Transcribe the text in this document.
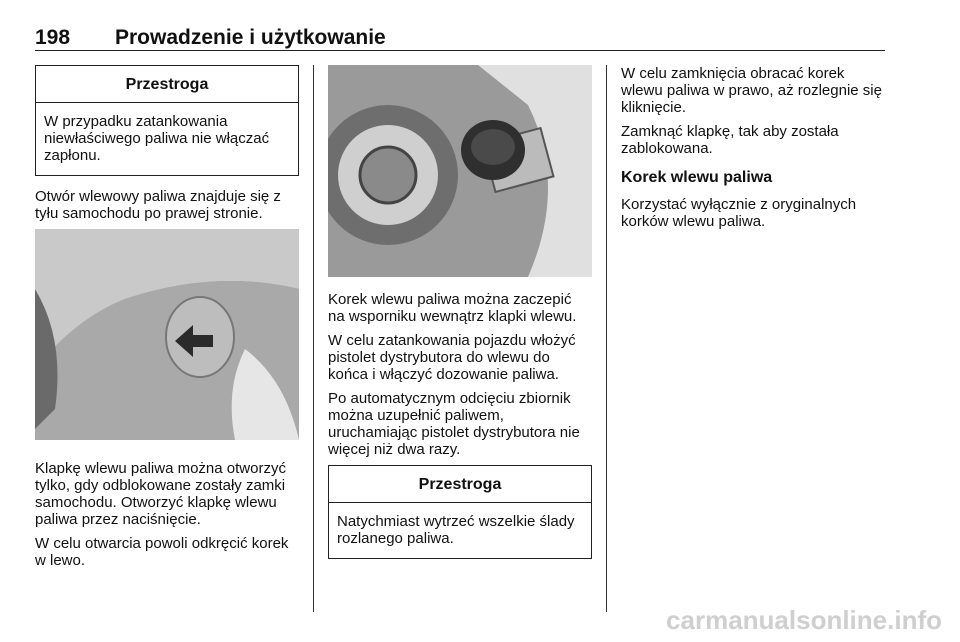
198 Prowadzenie i użytkowanie
Przestroga
W przypadku zatankowania niewłaściwego paliwa nie włączać zapłonu.

Otwór wlewowy paliwa znajduje się z tyłu samochodu po prawej stronie.

Klapkę wlewu paliwa można otworzyć tylko, gdy odblokowane zostały zamki samochodu. Otworzyć klapkę wlewu paliwa przez naciśnięcie.

W celu otwarcia powoli odkręcić korek w lewo.

Korek wlewu paliwa można zaczepić na wsporniku wewnątrz klapki wlewu.

W celu zatankowania pojazdu włożyć pistolet dystrybutora do wlewu do końca i włączyć dozowanie paliwa.

Po automatycznym odcięciu zbiornik można uzupełnić paliwem, uruchamiając pistolet dystrybutora nie więcej niż dwa razy.

Przestroga
Natychmiast wytrzeć wszelkie ślady rozlanego paliwa.

W celu zamknięcia obracać korek wlewu paliwa w prawo, aż rozlegnie się kliknięcie.

Zamknąć klapkę, tak aby została zablokowana.

Korek wlewu paliwa

Korzystać wyłącznie z oryginalnych korków wlewu paliwa.

carmanualsonline.info
